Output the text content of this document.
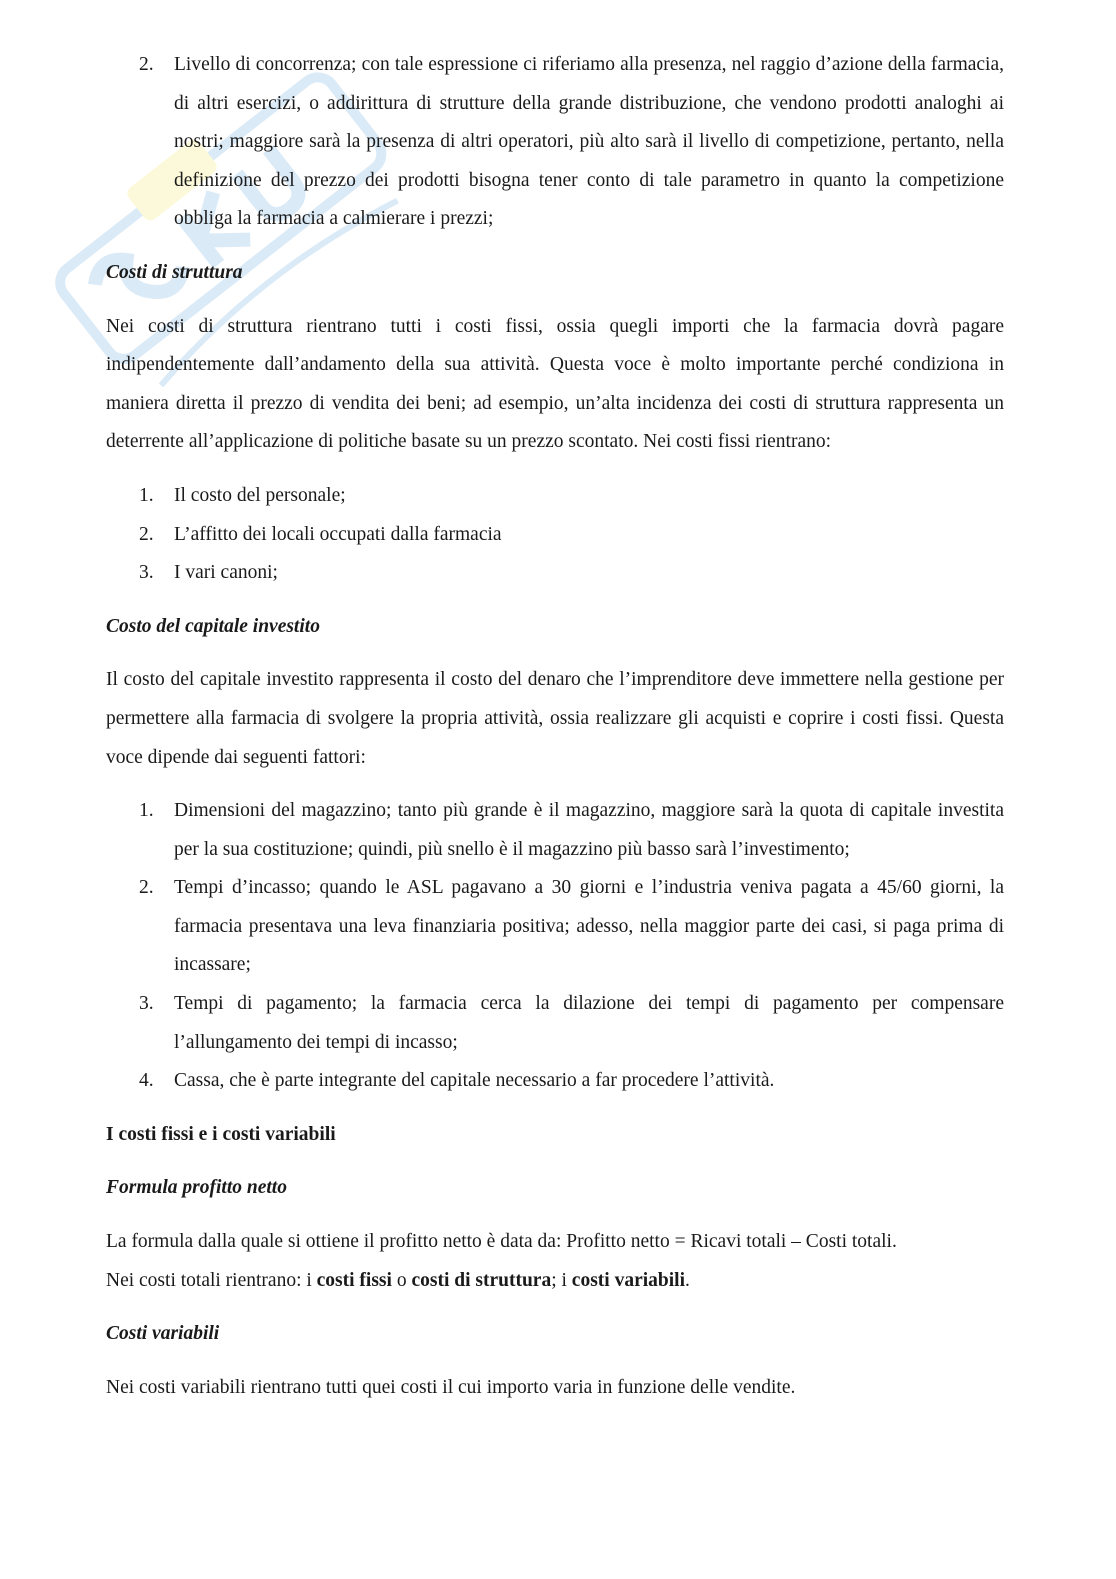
2. Livello di concorrenza; con tale espressione ci riferiamo alla presenza, nel raggio d’azione della farmacia, di altri esercizi, o addirittura di strutture della grande distribuzione, che vendono prodotti analoghi ai nostri; maggiore sarà la presenza di altri operatori, più alto sarà il livello di competizione, pertanto, nella definizione del prezzo dei prodotti bisogna tener conto di tale parametro in quanto la competizione obbliga la farmacia a calmierare i prezzi;

Costi di struttura

Nei costi di struttura rientrano tutti i costi fissi, ossia quegli importi che la farmacia dovrà pagare indipendentemente dall’andamento della sua attività. Questa voce è molto importante perché condiziona in maniera diretta il prezzo di vendita dei beni; ad esempio, un’alta incidenza dei costi di struttura rappresenta un deterrente all’applicazione di politiche basate su un prezzo scontato. Nei costi fissi rientrano:

1. Il costo del personale;
2. L’affitto dei locali occupati dalla farmacia
3. I vari canoni;

Costo del capitale investito

Il costo del capitale investito rappresenta il costo del denaro che l’imprenditore deve immettere nella gestione per permettere alla farmacia di svolgere la propria attività, ossia realizzare gli acquisti e coprire i costi fissi. Questa voce dipende dai seguenti fattori:

1. Dimensioni del magazzino; tanto più grande è il magazzino, maggiore sarà la quota di capitale investita per la sua costituzione; quindi, più snello è il magazzino più basso sarà l’investimento;
2. Tempi d’incasso; quando le ASL pagavano a 30 giorni e l’industria veniva pagata a 45/60 giorni, la farmacia presentava una leva finanziaria positiva; adesso, nella maggior parte dei casi, si paga prima di incassare;
3. Tempi di pagamento; la farmacia cerca la dilazione dei tempi di pagamento per compensare l’allungamento dei tempi di incasso;
4. Cassa, che è parte integrante del capitale necessario a far procedere l’attività.

I costi fissi e i costi variabili

Formula profitto netto

La formula dalla quale si ottiene il profitto netto è data da: Profitto netto = Ricavi totali – Costi totali.
Nei costi totali rientrano: i costi fissi o costi di struttura; i costi variabili.

Costi variabili

Nei costi variabili rientrano tutti quei costi il cui importo varia in funzione delle vendite.
